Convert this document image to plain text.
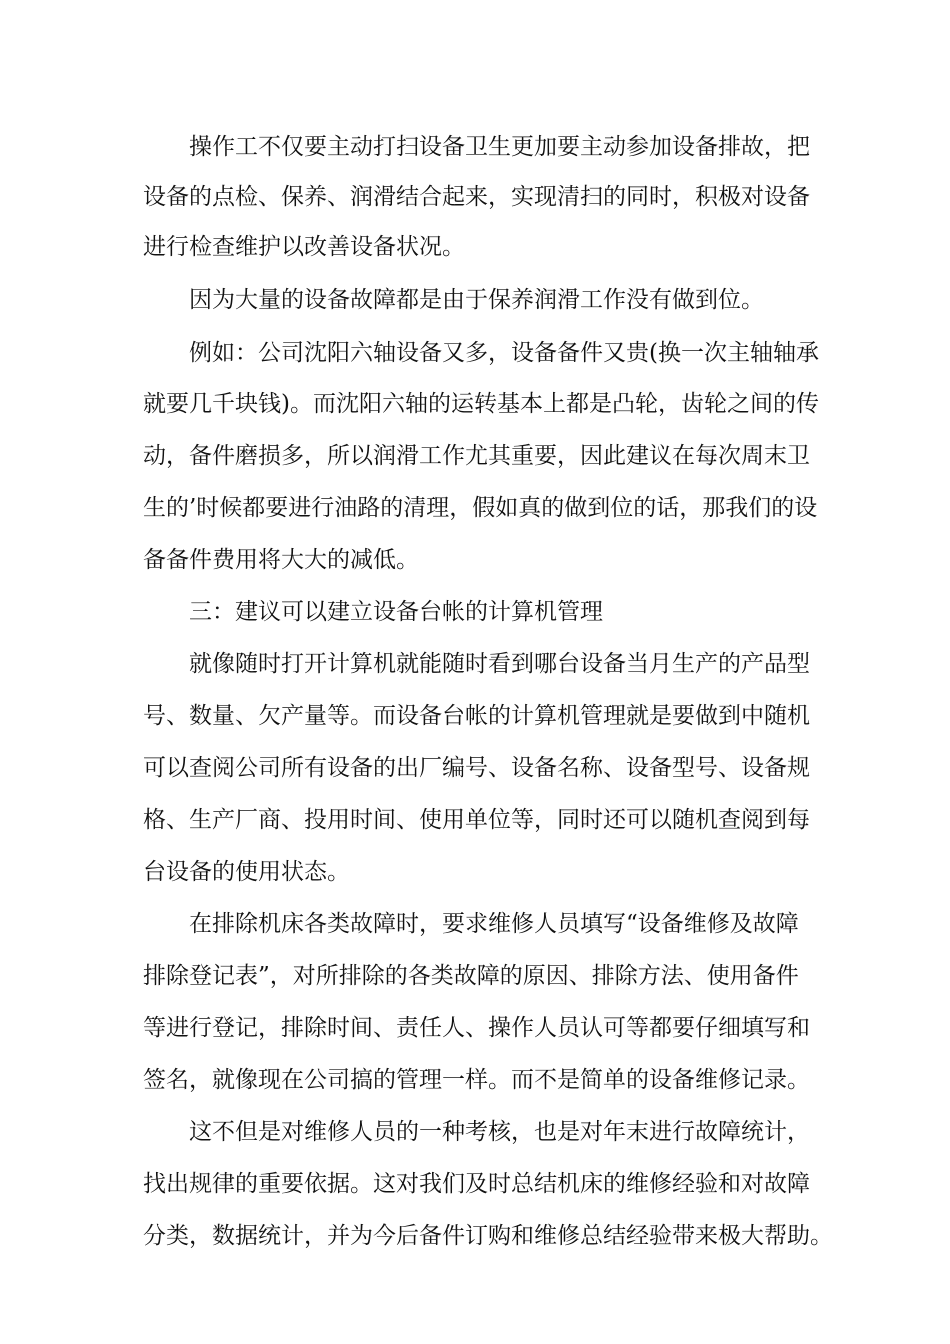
操作工不仅要主动打扫设备卫生更加要主动参加设备排故，把
设备的点检、保养、润滑结合起来，实现清扫的同时，积极对设备
进行检查维护以改善设备状况。
因为大量的设备故障都是由于保养润滑工作没有做到位。
例如：公司沈阳六轴设备又多，设备备件又贵(换一次主轴轴承
就要几千块钱)。而沈阳六轴的运转基本上都是凸轮，齿轮之间的传
动，备件磨损多，所以润滑工作尤其重要，因此建议在每次周末卫
生的’时候都要进行油路的清理，假如真的做到位的话，那我们的设
备备件费用将大大的减低。
三：建议可以建立设备台帐的计算机管理
就像随时打开计算机就能随时看到哪台设备当月生产的产品型
号、数量、欠产量等。而设备台帐的计算机管理就是要做到中随机
可以查阅公司所有设备的出厂编号、设备名称、设备型号、设备规
格、生产厂商、投用时间、使用单位等，同时还可以随机查阅到每
台设备的使用状态。
在排除机床各类故障时，要求维修人员填写“设备维修及故障
排除登记表”，对所排除的各类故障的原因、排除方法、使用备件
等进行登记，排除时间、责任人、操作人员认可等都要仔细填写和
签名，就像现在公司搞的管理一样。而不是简单的设备维修记录。
这不但是对维修人员的一种考核，也是对年末进行故障统计，
找出规律的重要依据。这对我们及时总结机床的维修经验和对故障
分类，数据统计，并为今后备件订购和维修总结经验带来极大帮助。
